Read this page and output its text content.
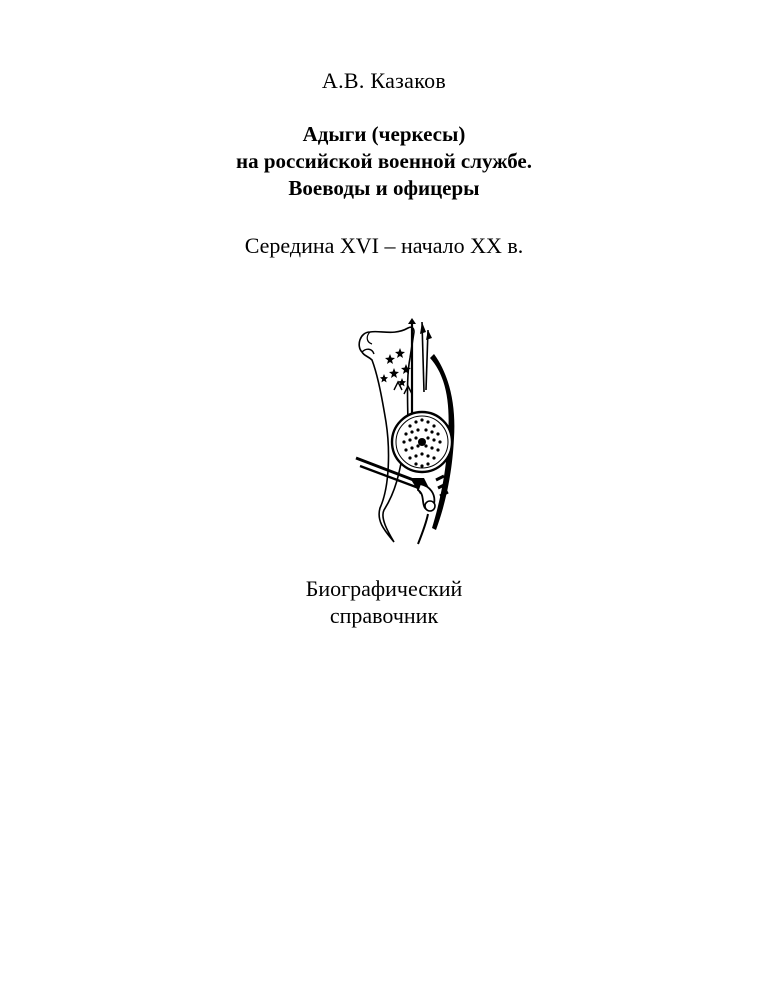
А.В. Казаков
Адыги (черкесы)
на российской военной службе.
Воеводы и офицеры
Середина XVI – начало XX в.
Биографический
справочник
